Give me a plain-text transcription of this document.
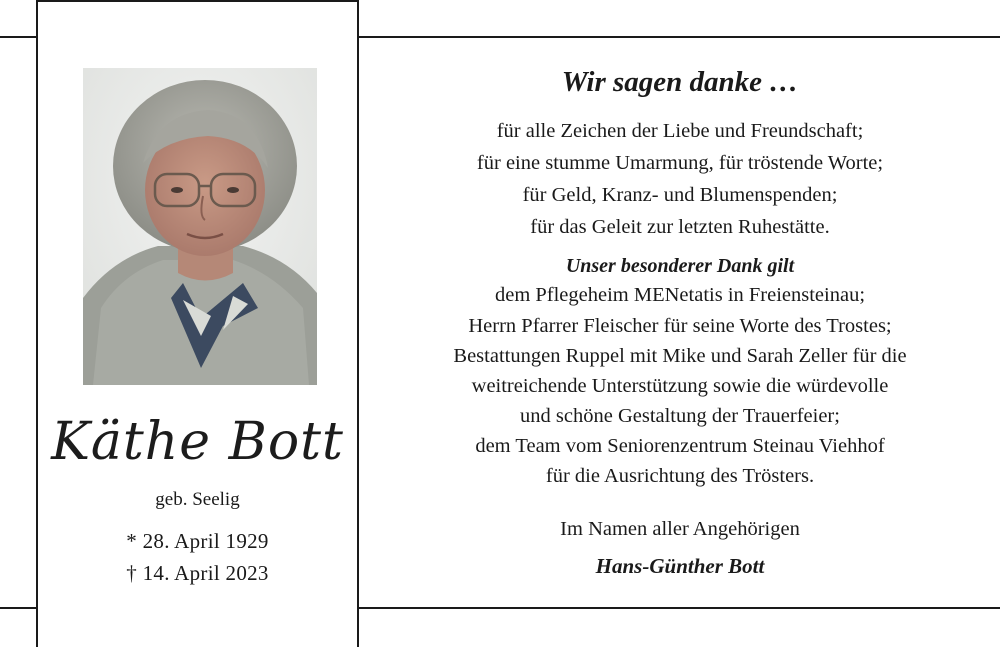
Käthe Bott
geb. Seelig
* 28. April 1929
† 14. April 2023
Wir sagen danke …
für alle Zeichen der Liebe und Freundschaft;
für eine stumme Umarmung, für tröstende Worte;
für Geld, Kranz- und Blumenspenden;
für das Geleit zur letzten Ruhestätte.
Unser besonderer Dank gilt
dem Pflegeheim MENetatis in Freiensteinau;
Herrn Pfarrer Fleischer für seine Worte des Trostes;
Bestattungen Ruppel mit Mike und Sarah Zeller für die
weitreichende Unterstützung sowie die würdevolle
und schöne Gestaltung der Trauerfeier;
dem Team vom Seniorenzentrum Steinau Viehhof
für die Ausrichtung des Trösters.
Im Namen aller Angehörigen
Hans-Günther Bott
